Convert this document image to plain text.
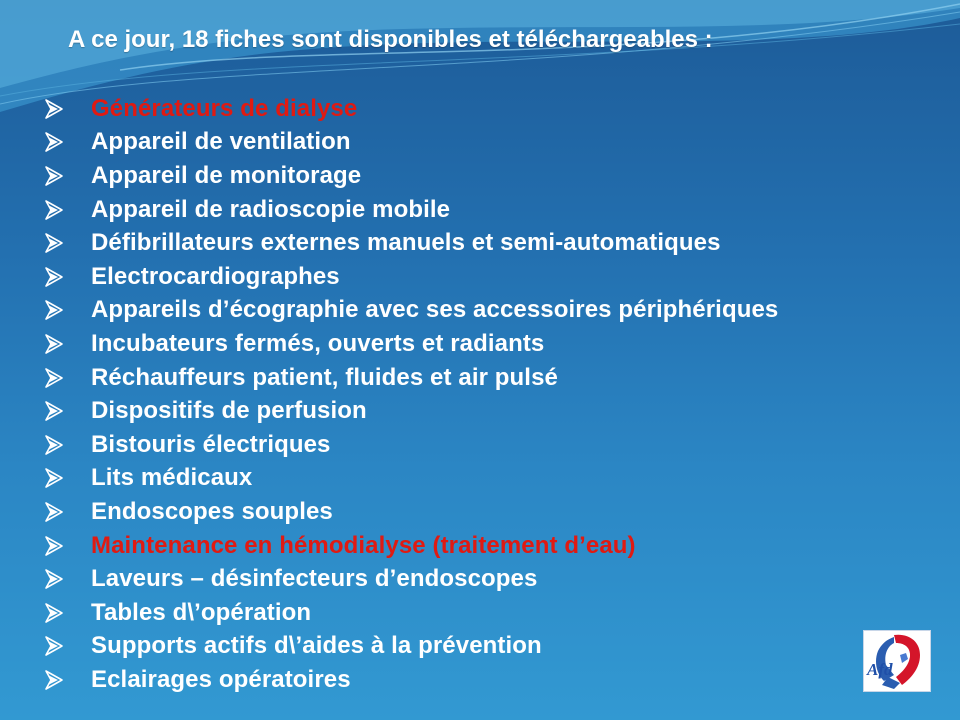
A ce jour, 18 fiches sont disponibles et téléchargeables :
Générateurs de dialyse
Appareil de ventilation
Appareil de monitorage
Appareil de radioscopie mobile
Défibrillateurs externes manuels et semi-automatiques
Electrocardiographes
Appareils d’écographie avec ses accessoires périphériques
Incubateurs fermés, ouverts et radiants
Réchauffeurs patient, fluides et air pulsé
Dispositifs de perfusion
Bistouris électriques
Lits médicaux
Endoscopes souples
Maintenance en hémodialyse (traitement d’eau)
Laveurs – désinfecteurs d’endoscopes
Tables d\’opération
Supports actifs d\’aides à la prévention
Eclairages opératoires	Afd
